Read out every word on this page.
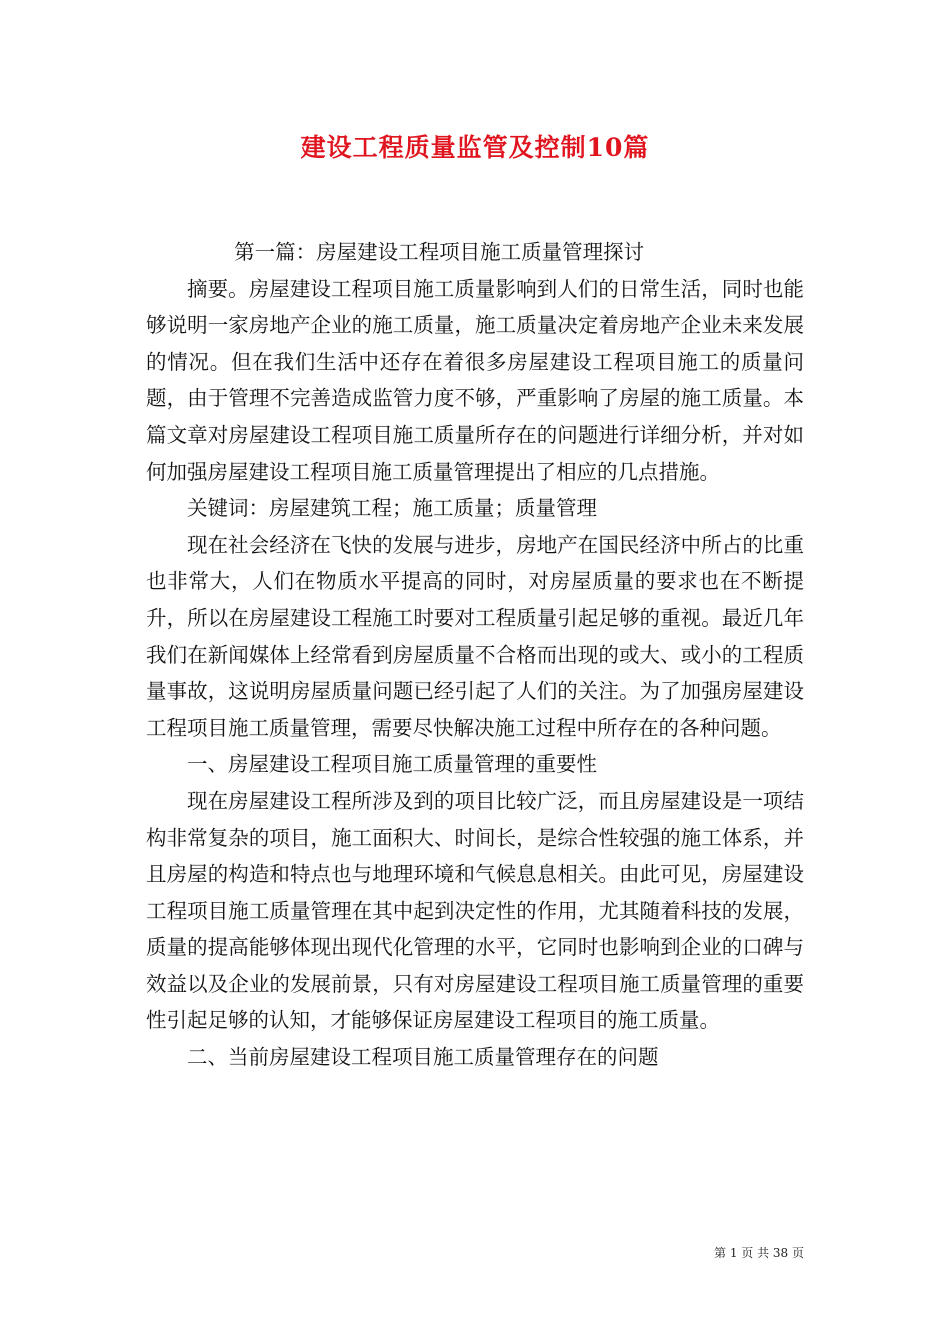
建设工程质量监管及控制10篇

第一篇：房屋建设工程项目施工质量管理探讨

摘要。房屋建设工程项目施工质量影响到人们的日常生活，同时也能够说明一家房地产企业的施工质量，施工质量决定着房地产企业未来发展的情况。但在我们生活中还存在着很多房屋建设工程项目施工的质量问题，由于管理不完善造成监管力度不够，严重影响了房屋的施工质量。本篇文章对房屋建设工程项目施工质量所存在的问题进行详细分析，并对如何加强房屋建设工程项目施工质量管理提出了相应的几点措施。

关键词：房屋建筑工程；施工质量；质量管理

现在社会经济在飞快的发展与进步，房地产在国民经济中所占的比重也非常大，人们在物质水平提高的同时，对房屋质量的要求也在不断提升，所以在房屋建设工程施工时要对工程质量引起足够的重视。最近几年我们在新闻媒体上经常看到房屋质量不合格而出现的或大、或小的工程质量事故，这说明房屋质量问题已经引起了人们的关注。为了加强房屋建设工程项目施工质量管理，需要尽快解决施工过程中所存在的各种问题。

一、房屋建设工程项目施工质量管理的重要性

现在房屋建设工程所涉及到的项目比较广泛，而且房屋建设是一项结构非常复杂的项目，施工面积大、时间长，是综合性较强的施工体系，并且房屋的构造和特点也与地理环境和气候息息相关。由此可见，房屋建设工程项目施工质量管理在其中起到决定性的作用，尤其随着科技的发展，质量的提高能够体现出现代化管理的水平，它同时也影响到企业的口碑与效益以及企业的发展前景，只有对房屋建设工程项目施工质量管理的重要性引起足够的认知，才能够保证房屋建设工程项目的施工质量。

二、当前房屋建设工程项目施工质量管理存在的问题

第 1 页 共 38 页
